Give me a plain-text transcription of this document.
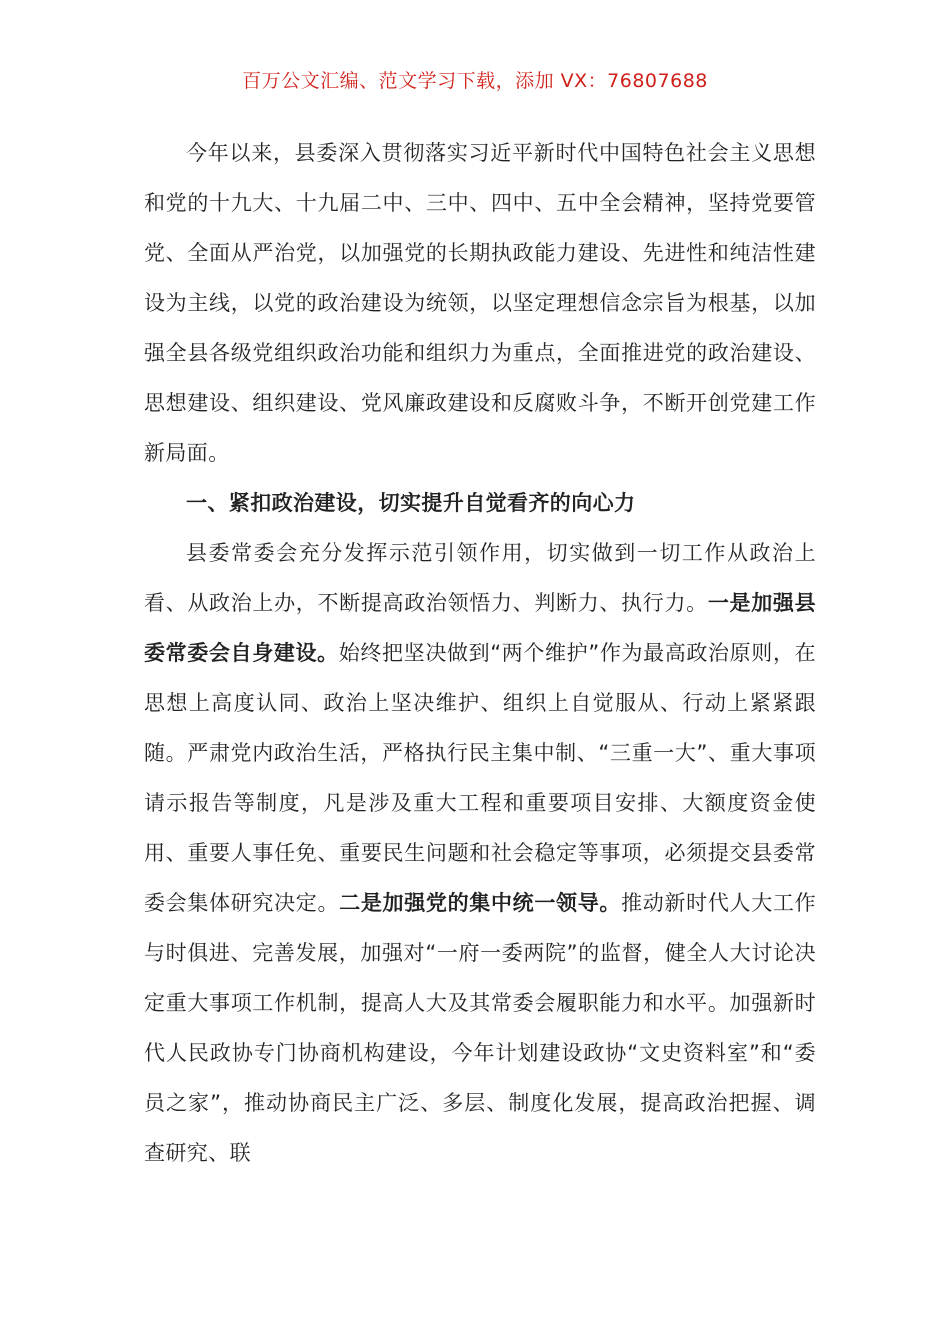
百万公文汇编、范文学习下载，添加 VX：76807688

今年以来，县委深入贯彻落实习近平新时代中国特色社会主义思想和党的十九大、十九届二中、三中、四中、五中全会精神，坚持党要管党、全面从严治党，以加强党的长期执政能力建设、先进性和纯洁性建设为主线，以党的政治建设为统领，以坚定理想信念宗旨为根基，以加强全县各级党组织政治功能和组织力为重点，全面推进党的政治建设、思想建设、组织建设、党风廉政建设和反腐败斗争，不断开创党建工作新局面。

一、紧扣政治建设，切实提升自觉看齐的向心力

县委常委会充分发挥示范引领作用，切实做到一切工作从政治上看、从政治上办，不断提高政治领悟力、判断力、执行力。一是加强县委常委会自身建设。始终把坚决做到“两个维护”作为最高政治原则，在思想上高度认同、政治上坚决维护、组织上自觉服从、行动上紧紧跟随。严肃党内政治生活，严格执行民主集中制、“三重一大”、重大事项请示报告等制度，凡是涉及重大工程和重要项目安排、大额度资金使用、重要人事任免、重要民生问题和社会稳定等事项，必须提交县委常委会集体研究决定。二是加强党的集中统一领导。推动新时代人大工作与时俱进、完善发展，加强对“一府一委两院”的监督，健全人大讨论决定重大事项工作机制，提高人大及其常委会履职能力和水平。加强新时代人民政协专门协商机构建设，今年计划建设政协“文史资料室”和“委员之家”，推动协商民主广泛、多层、制度化发展，提高政治把握、调查研究、联
